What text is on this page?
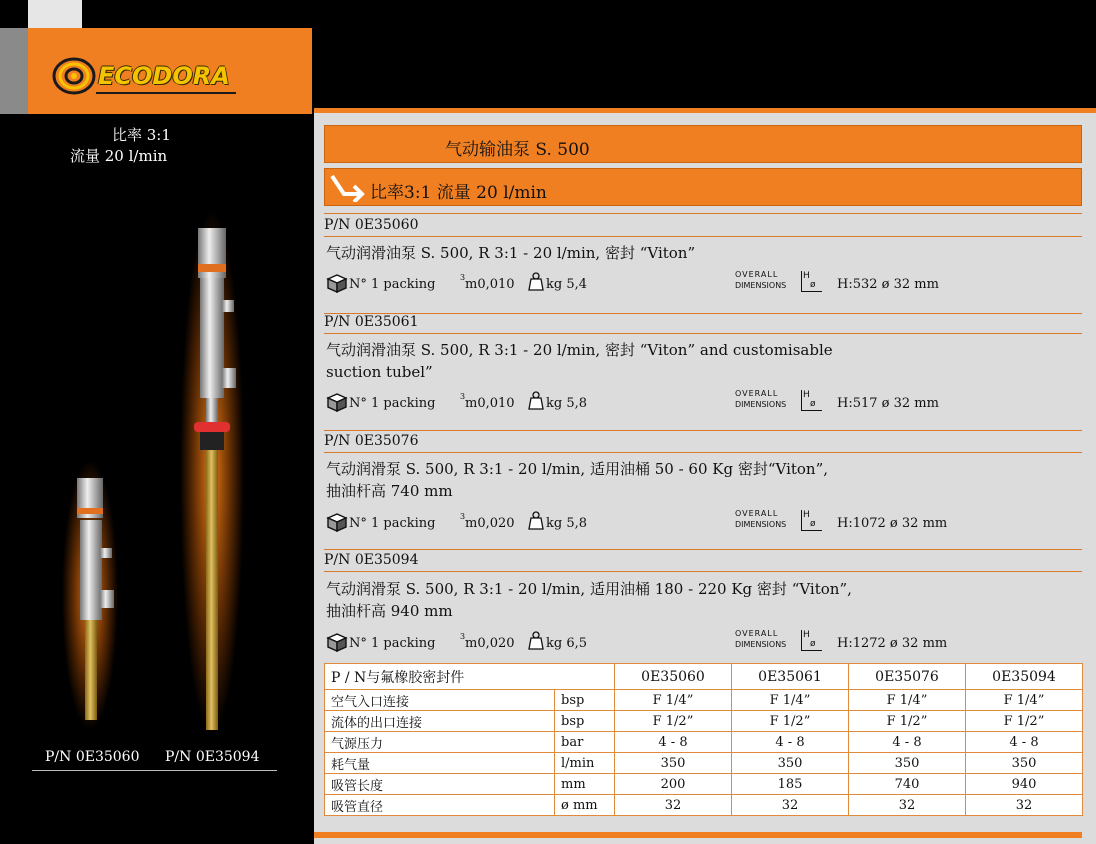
ECODORA
比率 3:1
流量 20 l/min
P/N 0E35060 P/N 0E35094
气动输油泵 S. 500
比率3:1 流量 20 l/min
P/N 0E35060
气动润滑油泵 S. 500, R 3:1 - 20 l/min, 密封 “Viton”
P/N 0E35061
气动润滑油泵 S. 500, R 3:1 - 20 l/min, 密封 “Viton” and customisable
suction tubel”
P/N 0E35076
气动润滑泵 S. 500, R 3:1 - 20 l/min, 适用油桶 50 - 60 Kg 密封“Viton”,
抽油杆高 740 mm
P/N 0E35094
气动润滑泵 S. 500, R 3:1 - 20 l/min, 适用油桶 180 - 220 Kg 密封 “Viton”,
抽油杆高 940 mm
N° 1 packing	3 m0,010 kg 5,4
OVERALL
DIMENSIONS
H
ø H:532 ø 32 mm
N° 1 packing	3 m0,010 kg 5,8
OVERALL
DIMENSIONS
H
ø H:517 ø 32 mm
N° 1 packing	3 m0,020 kg 5,8
OVERALL
DIMENSIONS
H
ø H:1072 ø 32 mm
N° 1 packing	3 m0,020 kg 6,5
OVERALL
DIMENSIONS
H
ø H:1272 ø 32 mm
P / N与氟橡胶密封件		0E35060	0E35061	0E35076	0E35094
空气入口连接	bsp	F 1/4”	F 1/4”	F 1/4”	F 1/4”
流体的出口连接	bsp	F 1/2”	F 1/2”	F 1/2”	F 1/2”
气源压力	bar	4 - 8	4 - 8	4 - 8	4 - 8
耗气量	l/min	350	350	350	350
吸管长度	mm	200	185	740	940
吸管直径	ø mm	32	32	32	32
